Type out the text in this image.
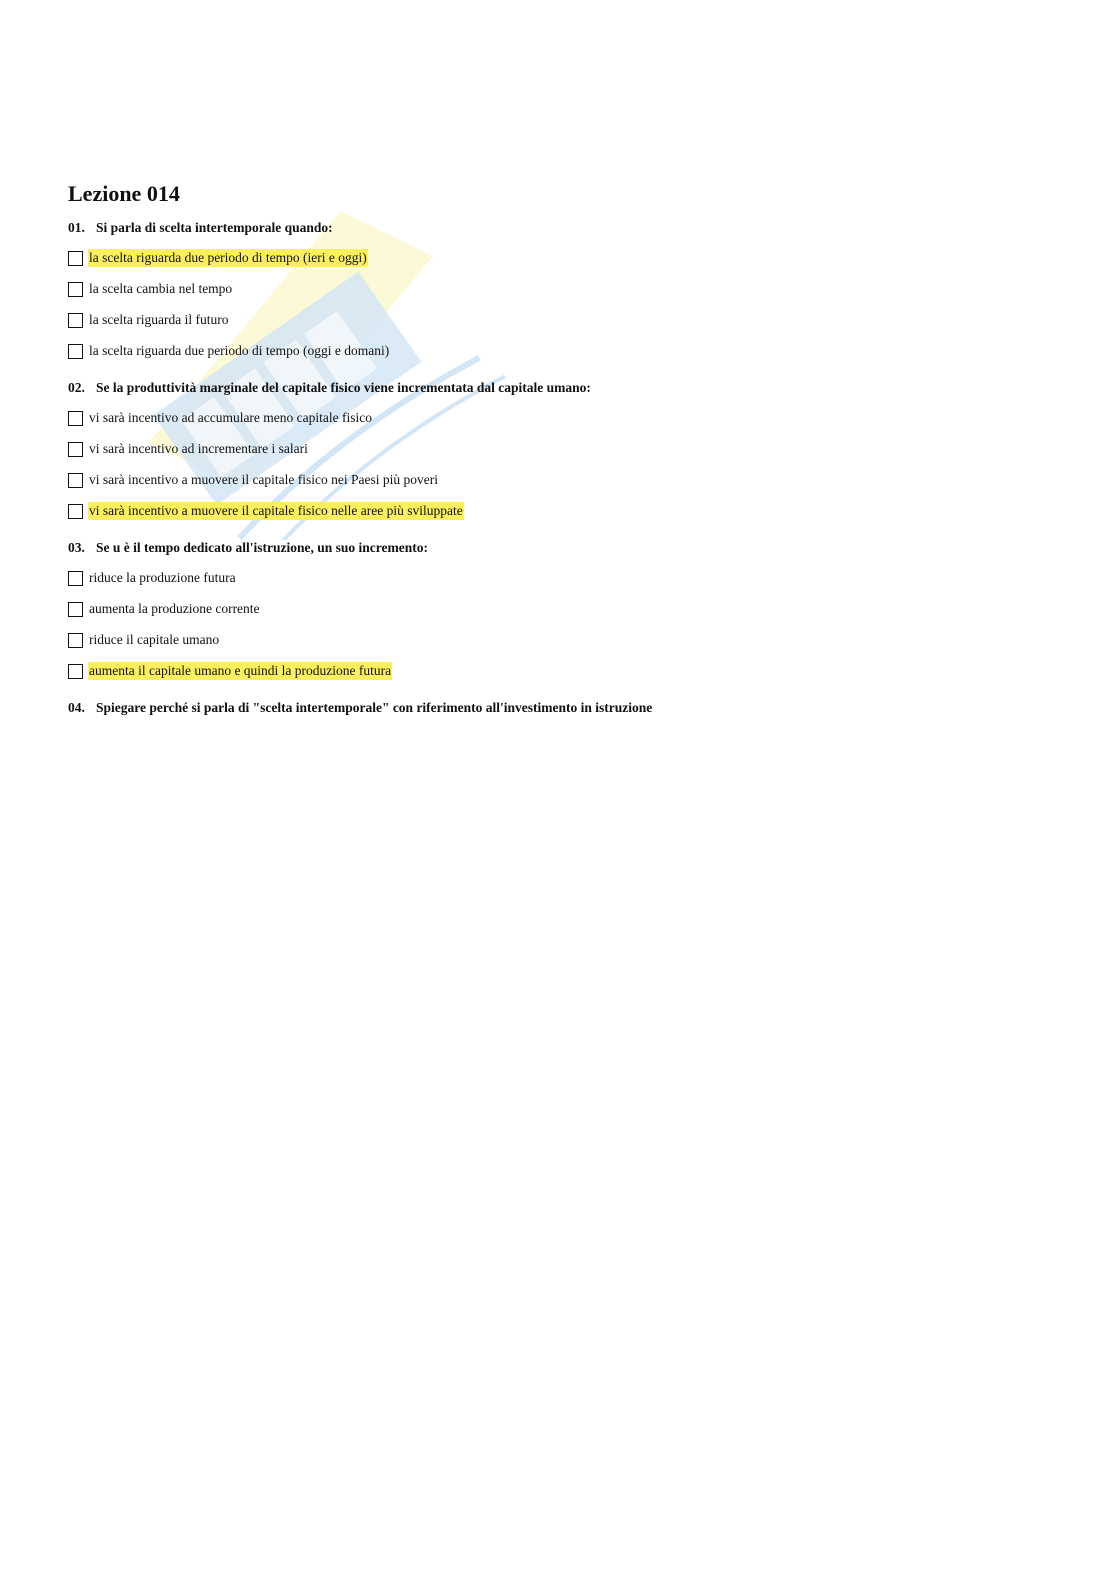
Lezione 014
01. Si parla di scelta intertemporale quando:
la scelta riguarda due periodo di tempo (ieri e oggi)
la scelta cambia nel tempo
la scelta riguarda il futuro
la scelta riguarda due periodo di tempo (oggi e domani)
02. Se la produttività marginale del capitale fisico viene incrementata dal capitale umano:
vi sarà incentivo ad accumulare meno capitale fisico
vi sarà incentivo ad incrementare i salari
vi sarà incentivo a muovere il capitale fisico nei Paesi più poveri
vi sarà incentivo a muovere il capitale fisico nelle aree più sviluppate
03. Se u è il tempo dedicato all'istruzione, un suo incremento:
riduce la produzione futura
aumenta la produzione corrente
riduce il capitale umano
aumenta il capitale umano e quindi la produzione futura
04. Spiegare perché si parla di "scelta intertemporale" con riferimento all'investimento in istruzione
